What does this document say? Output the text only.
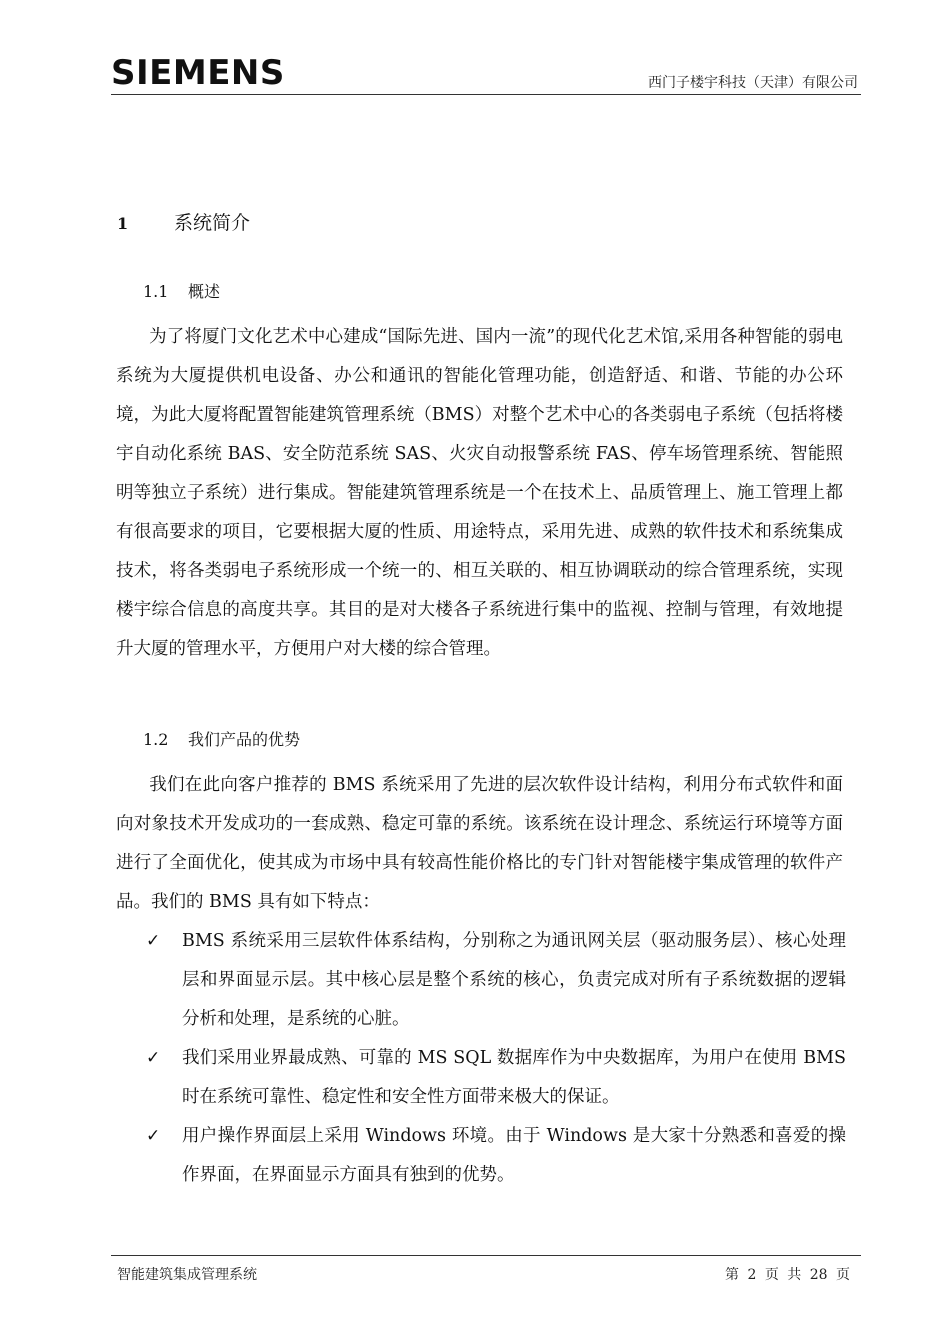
SIEMENS	西门子楼宇科技（天津）有限公司
1 系统简介
1.1 概述
为了将厦门文化艺术中心建成“国际先进、国内一流”的现代化艺术馆,采用各种智能的弱电系统为大厦提供机电设备、办公和通讯的智能化管理功能，创造舒适、和谐、节能的办公环境，为此大厦将配置智能建筑管理系统（BMS）对整个艺术中心的各类弱电子系统（包括将楼宇自动化系统 BAS、安全防范系统 SAS、火灾自动报警系统 FAS、停车场管理系统、智能照明等独立子系统）进行集成。智能建筑管理系统是一个在技术上、品质管理上、施工管理上都有很高要求的项目，它要根据大厦的性质、用途特点，采用先进、成熟的软件技术和系统集成技术，将各类弱电子系统形成一个统一的、相互关联的、相互协调联动的综合管理系统，实现楼宇综合信息的高度共享。其目的是对大楼各子系统进行集中的监视、控制与管理，有效地提升大厦的管理水平，方便用户对大楼的综合管理。
1.2 我们产品的优势
我们在此向客户推荐的 BMS 系统采用了先进的层次软件设计结构，利用分布式软件和面向对象技术开发成功的一套成熟、稳定可靠的系统。该系统在设计理念、系统运行环境等方面进行了全面优化，使其成为市场中具有较高性能价格比的专门针对智能楼宇集成管理的软件产品。我们的 BMS 具有如下特点：
✓	BMS 系统采用三层软件体系结构，分别称之为通讯网关层（驱动服务层）、核心处理层和界面显示层。其中核心层是整个系统的核心，负责完成对所有子系统数据的逻辑分析和处理，是系统的心脏。
✓	我们采用业界最成熟、可靠的 MS SQL 数据库作为中央数据库，为用户在使用 BMS 时在系统可靠性、稳定性和安全性方面带来极大的保证。
✓	用户操作界面层上采用 Windows 环境。由于 Windows 是大家十分熟悉和喜爱的操作界面，在界面显示方面具有独到的优势。
智能建筑集成管理系统	第 2 页 共 28 页
